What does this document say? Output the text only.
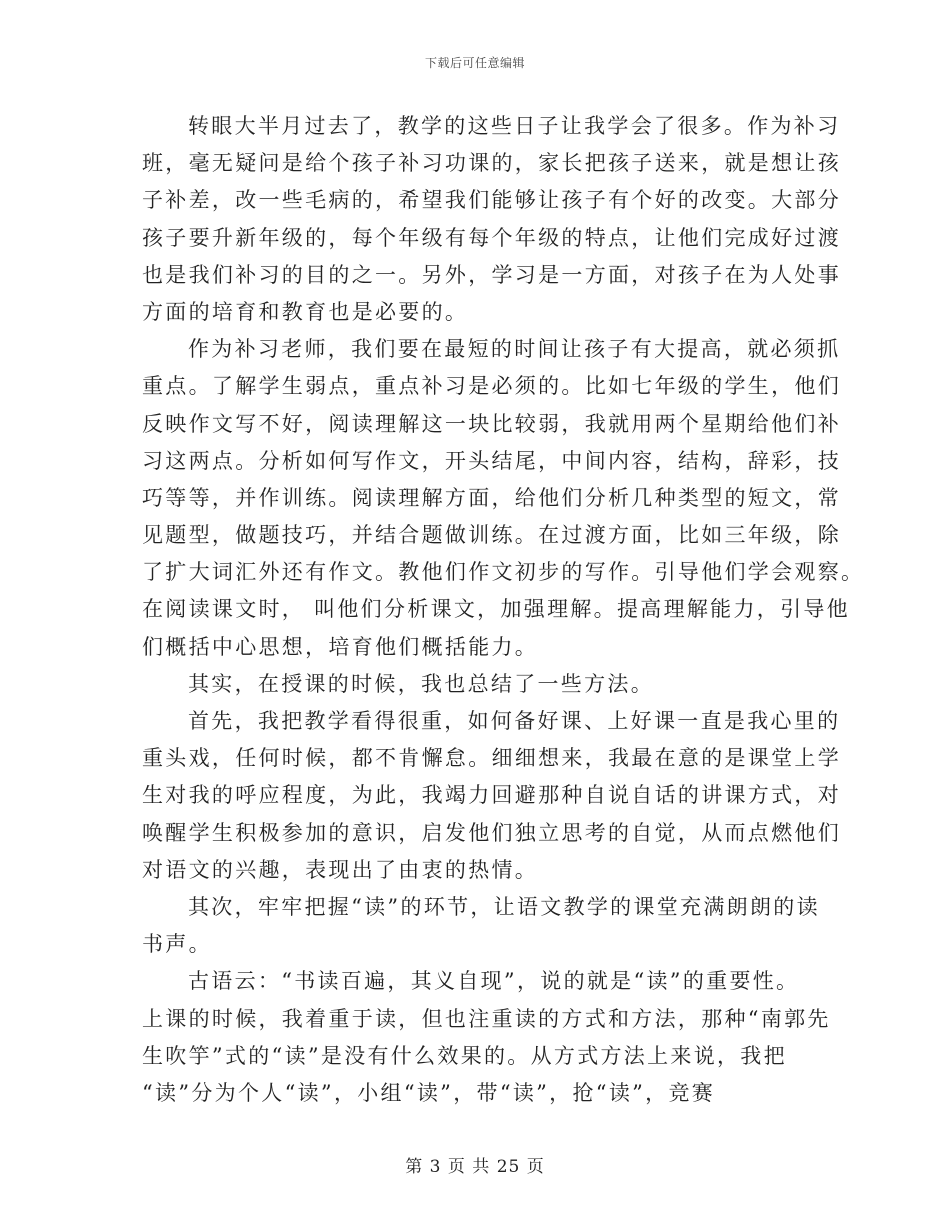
下载后可任意编辑
转眼大半月过去了，教学的这些日子让我学会了很多。作为补习
班，毫无疑问是给个孩子补习功课的，家长把孩子送来，就是想让孩
子补差，改一些毛病的，希望我们能够让孩子有个好的改变。大部分
孩子要升新年级的，每个年级有每个年级的特点，让他们完成好过渡
也是我们补习的目的之一。另外，学习是一方面，对孩子在为人处事
方面的培育和教育也是必要的。
作为补习老师，我们要在最短的时间让孩子有大提高，就必须抓
重点。了解学生弱点，重点补习是必须的。比如七年级的学生，他们
反映作文写不好，阅读理解这一块比较弱，我就用两个星期给他们补
习这两点。分析如何写作文，开头结尾，中间内容，结构，辞彩，技
巧等等，并作训练。阅读理解方面，给他们分析几种类型的短文，常
见题型，做题技巧，并结合题做训练。在过渡方面，比如三年级，除
了扩大词汇外还有作文。教他们作文初步的写作。引导他们学会观察。
在阅读课文时， 叫他们分析课文，加强理解。提高理解能力，引导他
们概括中心思想，培育他们概括能力。
其实，在授课的时候，我也总结了一些方法。
首先，我把教学看得很重，如何备好课、上好课一直是我心里的
重头戏，任何时候，都不肯懈怠。细细想来，我最在意的是课堂上学
生对我的呼应程度，为此，我竭力回避那种自说自话的讲课方式，对
唤醒学生积极参加的意识，启发他们独立思考的自觉，从而点燃他们
对语文的兴趣，表现出了由衷的热情。
其次，牢牢把握“读”的环节，让语文教学的课堂充满朗朗的读
书声。
古语云：“书读百遍，其义自现”，说的就是“读”的重要性。
上课的时候，我着重于读，但也注重读的方式和方法，那种“南郭先
生吹竽”式的“读”是没有什么效果的。从方式方法上来说，我把
“读”分为个人“读”，小组“读”，带“读”，抢“读”，竞赛
第 3 页 共 25 页
